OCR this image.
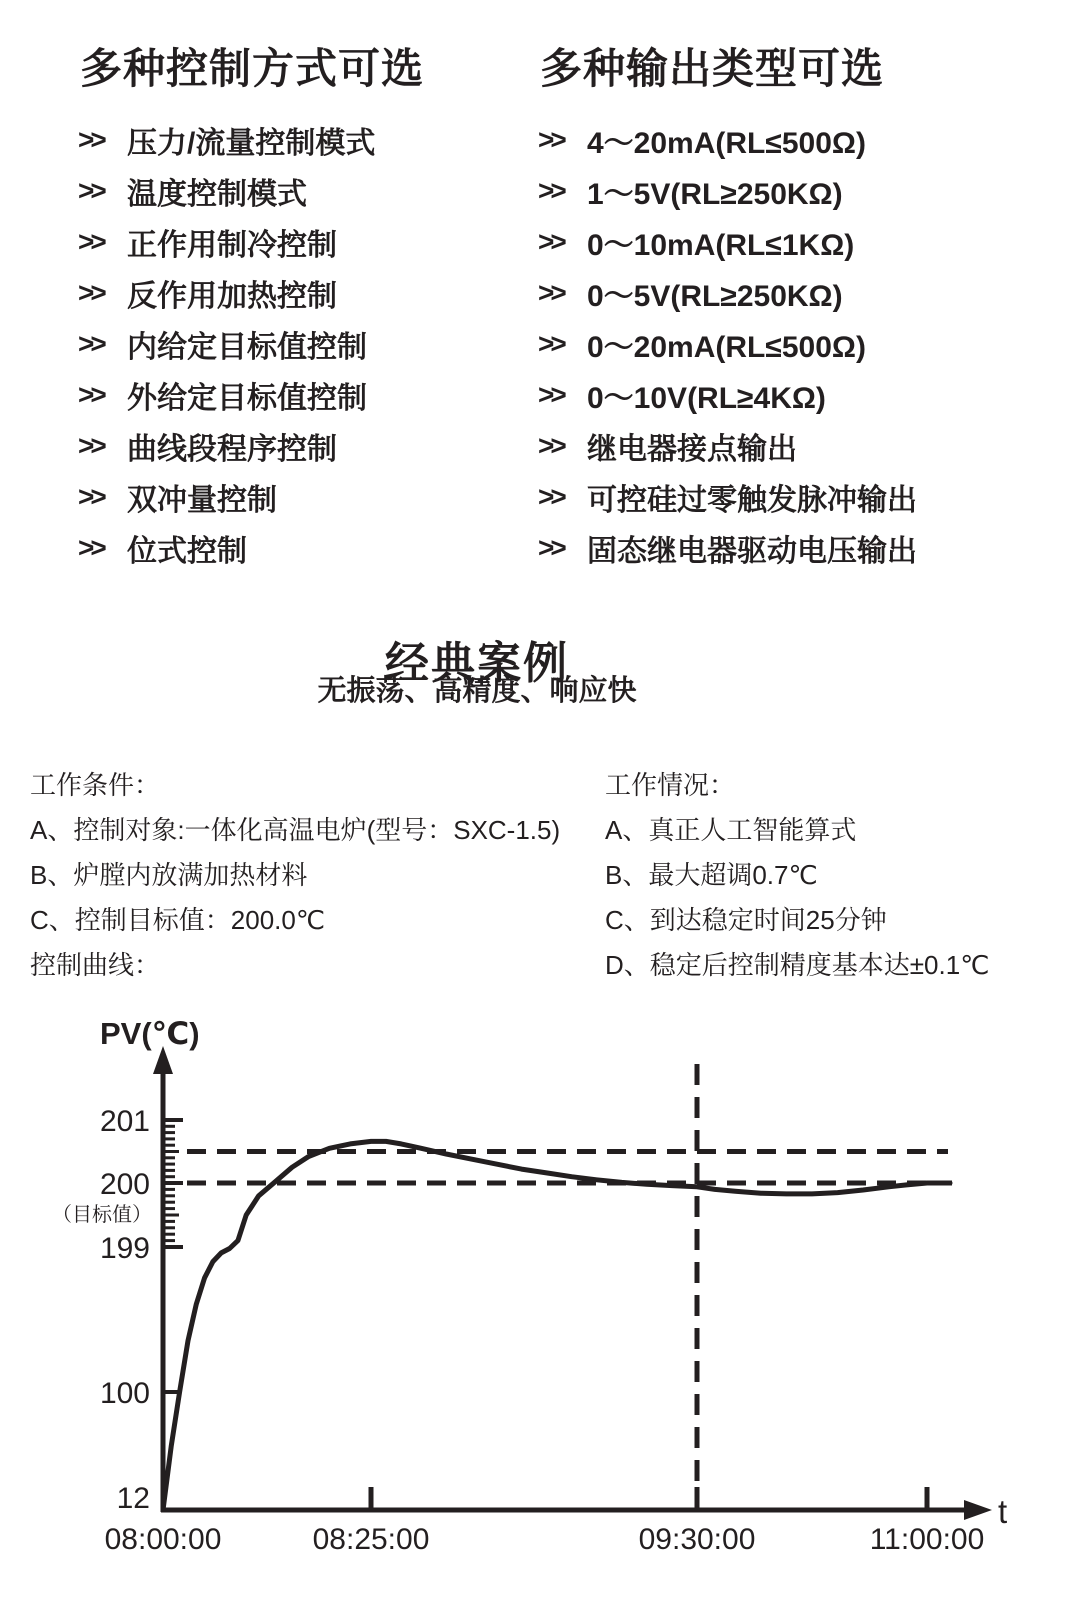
多种控制方式可选
>> 压力/流量控制模式
>> 温度控制模式
>> 正作用制冷控制
>> 反作用加热控制
>> 内给定目标值控制
>> 外给定目标值控制
>> 曲线段程序控制
>> 双冲量控制
>> 位式控制
多种输出类型可选
>> 4～20mA(RL≤500Ω)
>> 1～5V(RL≥250KΩ)
>> 0～10mA(RL≤1KΩ)
>> 0～5V(RL≥250KΩ)
>> 0～20mA(RL≤500Ω)
>> 0～10V(RL≥4KΩ)
>> 继电器接点输出
>> 可控硅过零触发脉冲输出
>> 固态继电器驱动电压输出
经典案例
无振荡、高精度、响应快
工作条件：
A、控制对象:一体化高温电炉(型号：SXC-1.5)
B、炉膛内放满加热材料
C、控制目标值：200.0℃
控制曲线：
工作情况：
A、真正人工智能算式
B、最大超调0.7℃
C、到达稳定时间25分钟
D、稳定后控制精度基本达±0.1℃
PV(℃)
t
201
200
199
100
12
（目标值）
08:00:00	08:25:00	09:30:00	11:00:00
